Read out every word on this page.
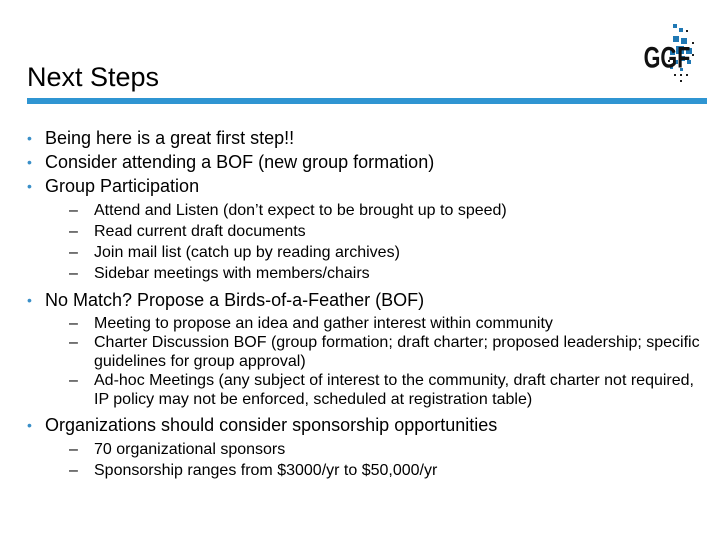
Next Steps
GGF
• Being here is a great first step!!
• Consider attending a BOF (new group formation)
• Group Participation
– Attend and Listen (don’t expect to be brought up to speed)
– Read current draft documents
– Join mail list (catch up by reading archives)
– Sidebar meetings with members/chairs
• No Match? Propose a Birds-of-a-Feather (BOF)
– Meeting to propose an idea and gather interest within community
– Charter Discussion BOF (group formation; draft charter; proposed leadership; specific guidelines for group approval)
– Ad-hoc Meetings (any subject of interest to the community, draft charter not required, IP policy may not be enforced, scheduled at registration table)
• Organizations should consider sponsorship opportunities
– 70 organizational sponsors
– Sponsorship ranges from $3000/yr to $50,000/yr
